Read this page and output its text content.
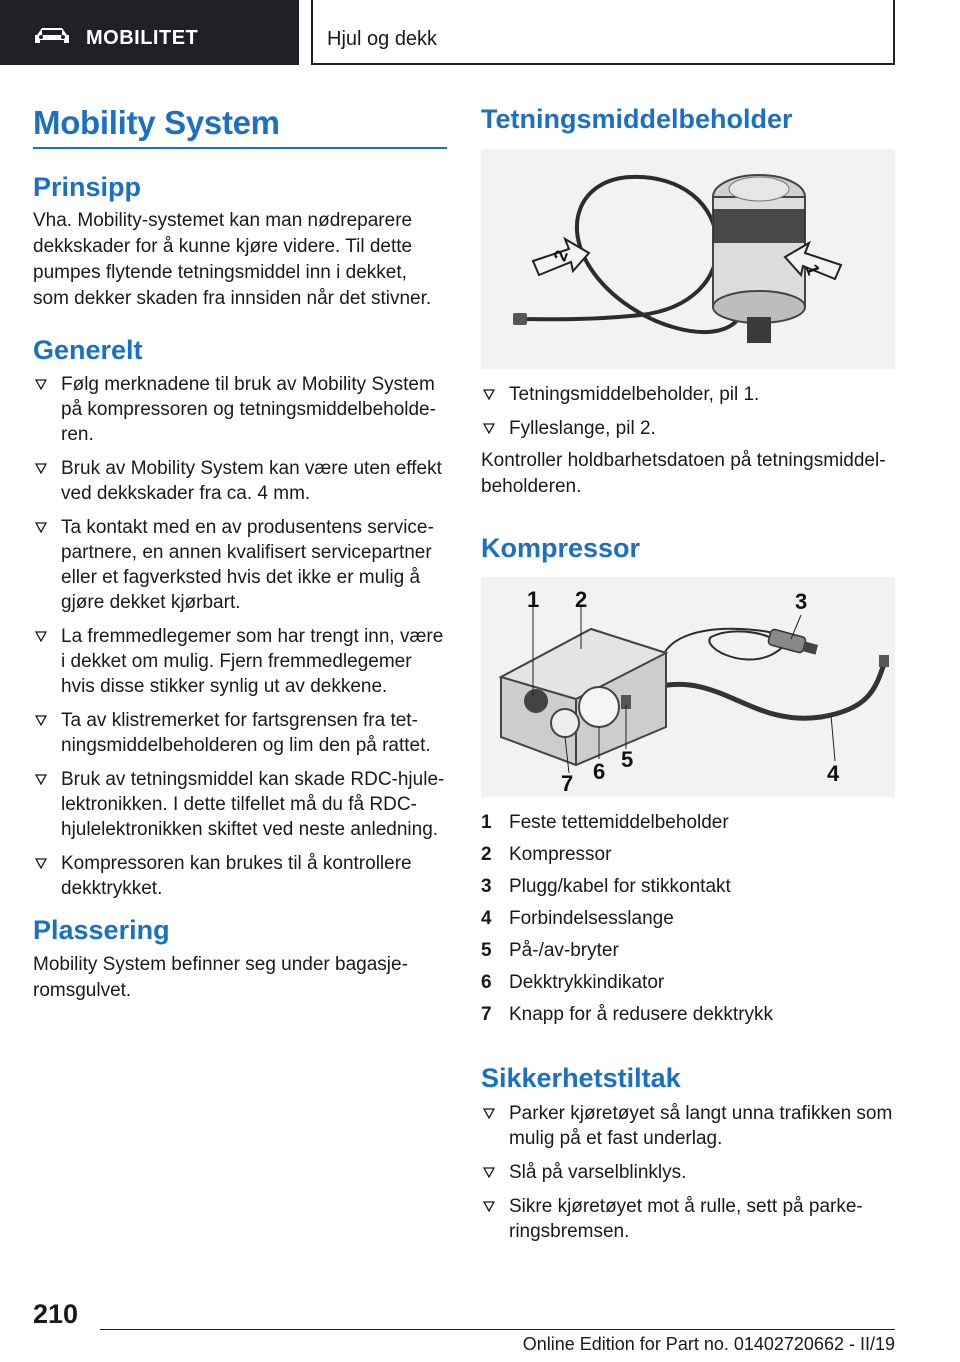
MOBILITET	Hjul og dekk
Mobility System
Prinsipp

Vha. Mobility-systemet kan man nødreparere
dekkskader for å kunne kjøre videre. Til dette
pumpes flytende tetningsmiddel inn i dekket,
som dekker skaden fra innsiden når det stivner.

Generelt
Følg merknadene til bruk av Mobility System
på kompressoren og tetningsmiddelbeholde-
ren.
Bruk av Mobility System kan være uten effekt
ved dekkskader fra ca. 4 mm.
Ta kontakt med en av produsentens service-
partnere, en annen kvalifisert servicepartner
eller et fagverksted hvis det ikke er mulig å
gjøre dekket kjørbart.
La fremmedlegemer som har trengt inn, være
i dekket om mulig. Fjern fremmedlegemer
hvis disse stikker synlig ut av dekkene.
Ta av klistremerket for fartsgrensen fra tet-
ningsmiddelbeholderen og lim den på rattet.
Bruk av tetningsmiddel kan skade RDC-hjule-
lektronikken. I dette tilfellet må du få RDC-
hjulelektronikken skiftet ved neste anledning.
Kompressoren kan brukes til å kontrollere
dekktrykket.
Plassering

Mobility System befinner seg under bagasje-
romsgulvet.

Tetningsmiddelbeholder
2
1
Tetningsmiddelbeholder, pil 1.
Fylleslange, pil 2.

Kontroller holdbarhetsdatoen på tetningsmiddel-
beholderen.

Kompressor
1 2	3
4
5
6
7
1 Feste tettemiddelbeholder
2 Kompressor
3 Plugg/kabel for stikkontakt
4 Forbindelsesslange
5 På-/av-bryter
6 Dekktrykkindikator
7 Knapp for å redusere dekktrykk
Sikkerhetstiltak
Parker kjøretøyet så langt unna trafikken som
mulig på et fast underlag.
Slå på varselblinklys.
Sikre kjøretøyet mot å rulle, sett på parke-
ringsbremsen.
210
Online Edition for Part no. 01402720662 - II/19
